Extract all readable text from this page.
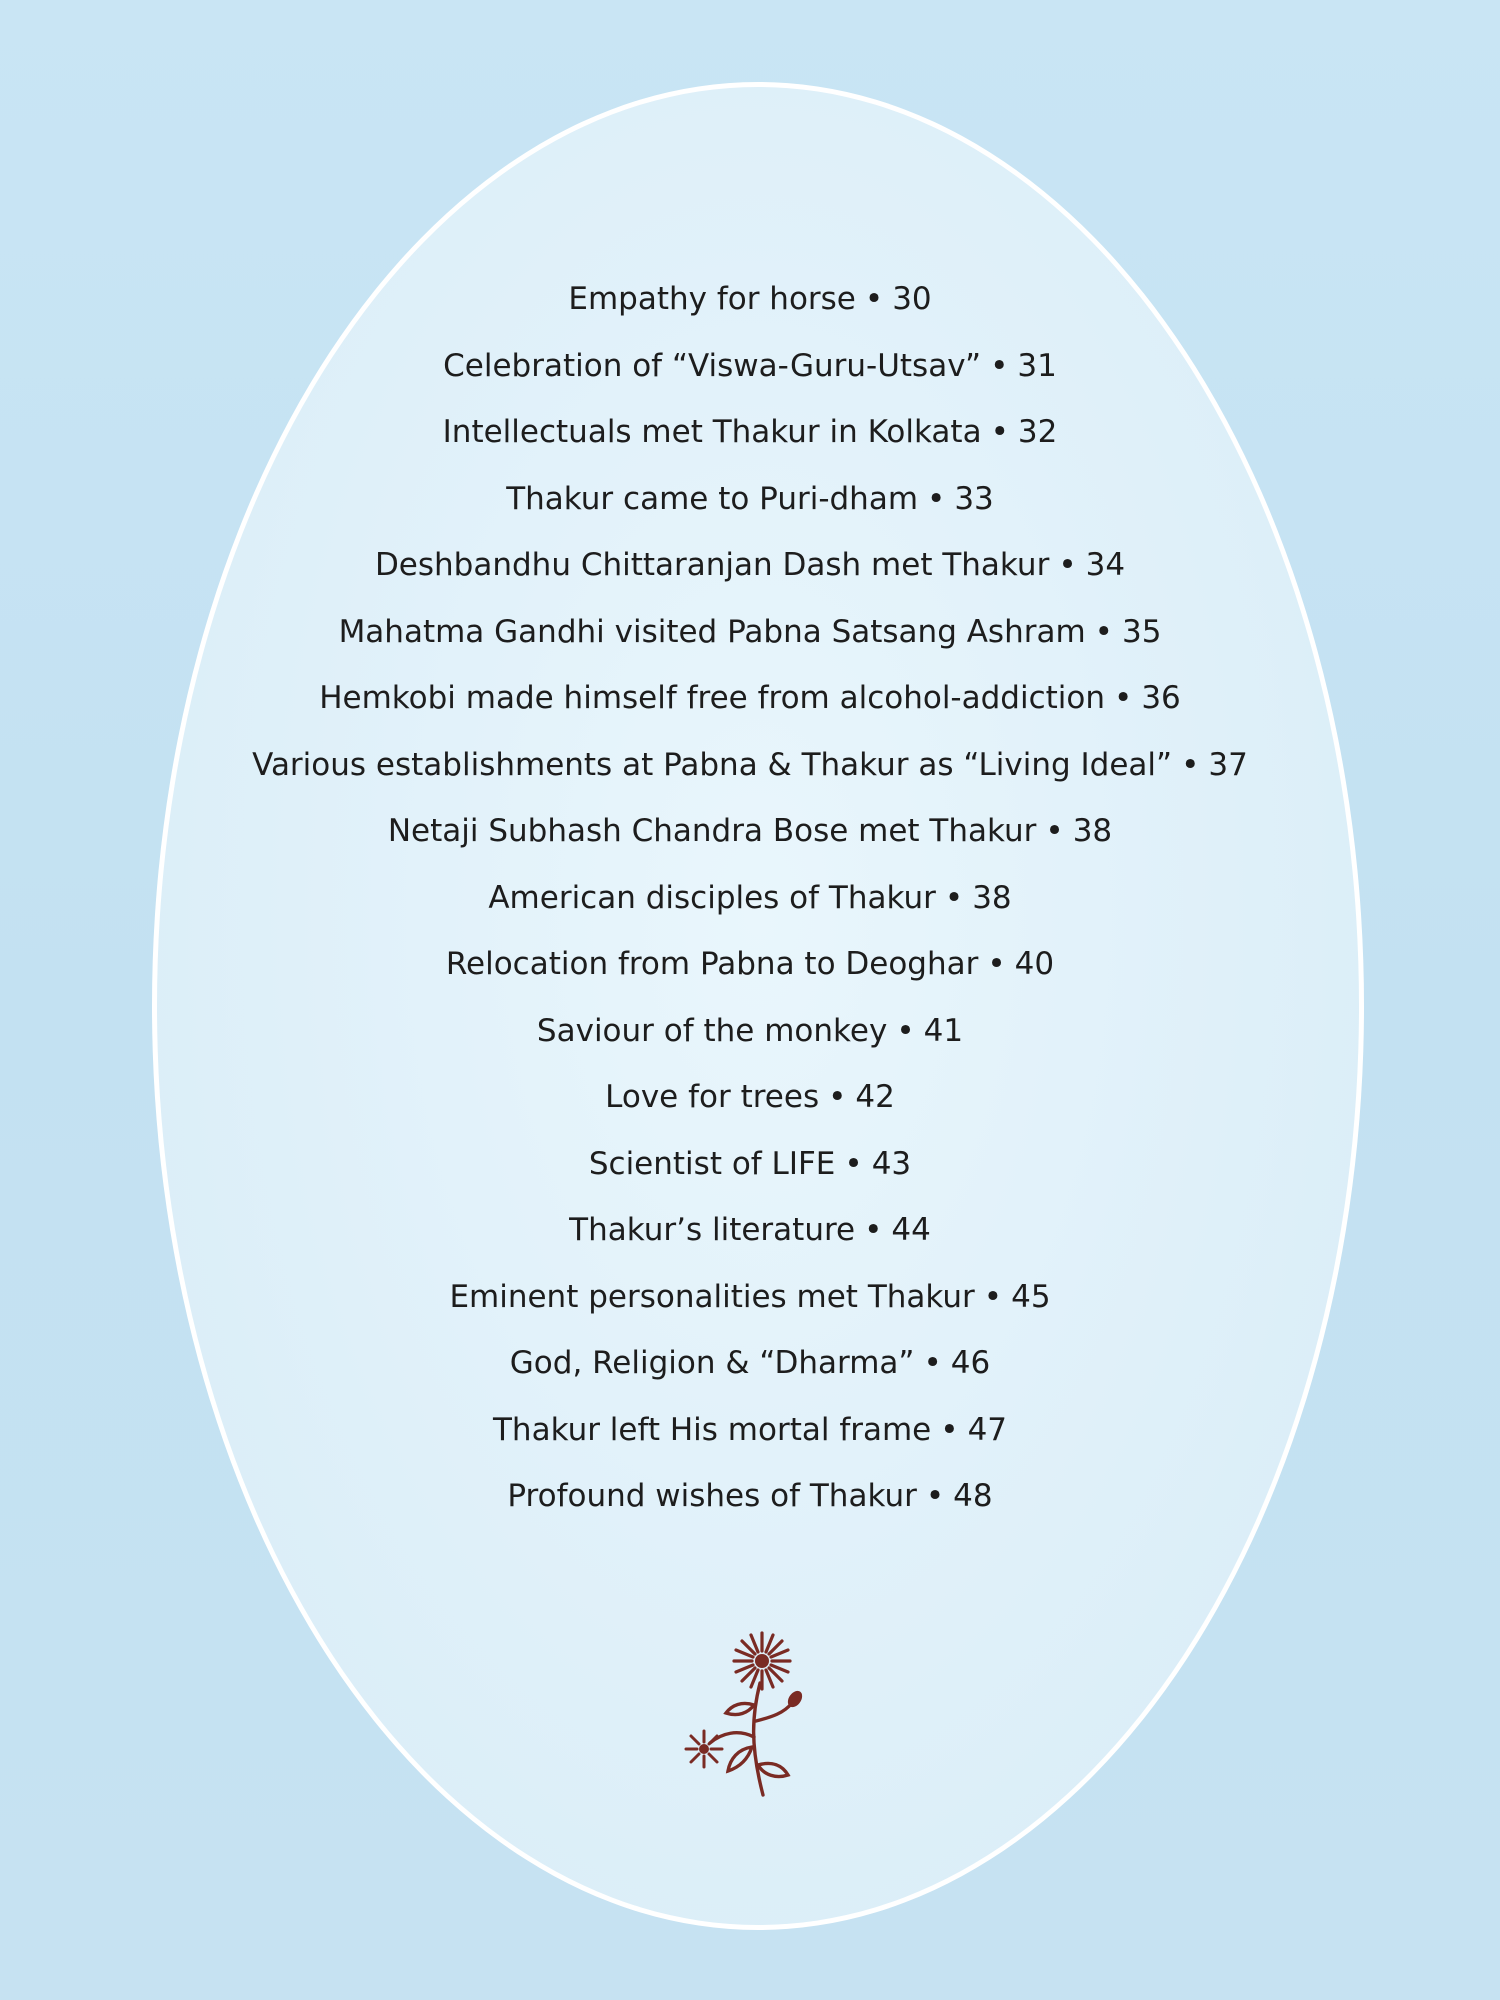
Empathy for horse • 30
Celebration of “Viswa-Guru-Utsav” • 31
Intellectuals met Thakur in Kolkata • 32
Thakur came to Puri-dham • 33
Deshbandhu Chittaranjan Dash met Thakur • 34
Mahatma Gandhi visited Pabna Satsang Ashram • 35
Hemkobi made himself free from alcohol-addiction • 36
Various establishments at Pabna & Thakur as “Living Ideal” • 37
Netaji Subhash Chandra Bose met Thakur • 38
American disciples of Thakur • 38
Relocation from Pabna to Deoghar • 40
Saviour of the monkey • 41
Love for trees • 42
Scientist of LIFE • 43
Thakur’s literature • 44
Eminent personalities met Thakur • 45
God, Religion & “Dharma” • 46
Thakur left His mortal frame • 47
Profound wishes of Thakur • 48
